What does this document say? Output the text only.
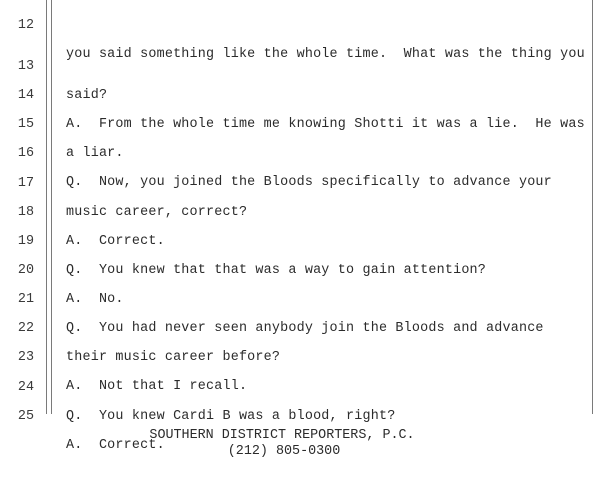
12

you said something like the whole time.  What was the thing you

13

said?

14

A.  From the whole time me knowing Shotti it was a lie.  He was

15

a liar.

16

Q.  Now, you joined the Bloods specifically to advance your

17

music career, correct?

18

A.  Correct.

19

Q.  You knew that that was a way to gain attention?

20

A.  No.

21

Q.  You had never seen anybody join the Bloods and advance

22

their music career before?

23

A.  Not that I recall.

24

Q.  You knew Cardi B was a blood, right?

25

A.  Correct.

SOUTHERN DISTRICT REPORTERS, P.C.
(212) 805-0300
